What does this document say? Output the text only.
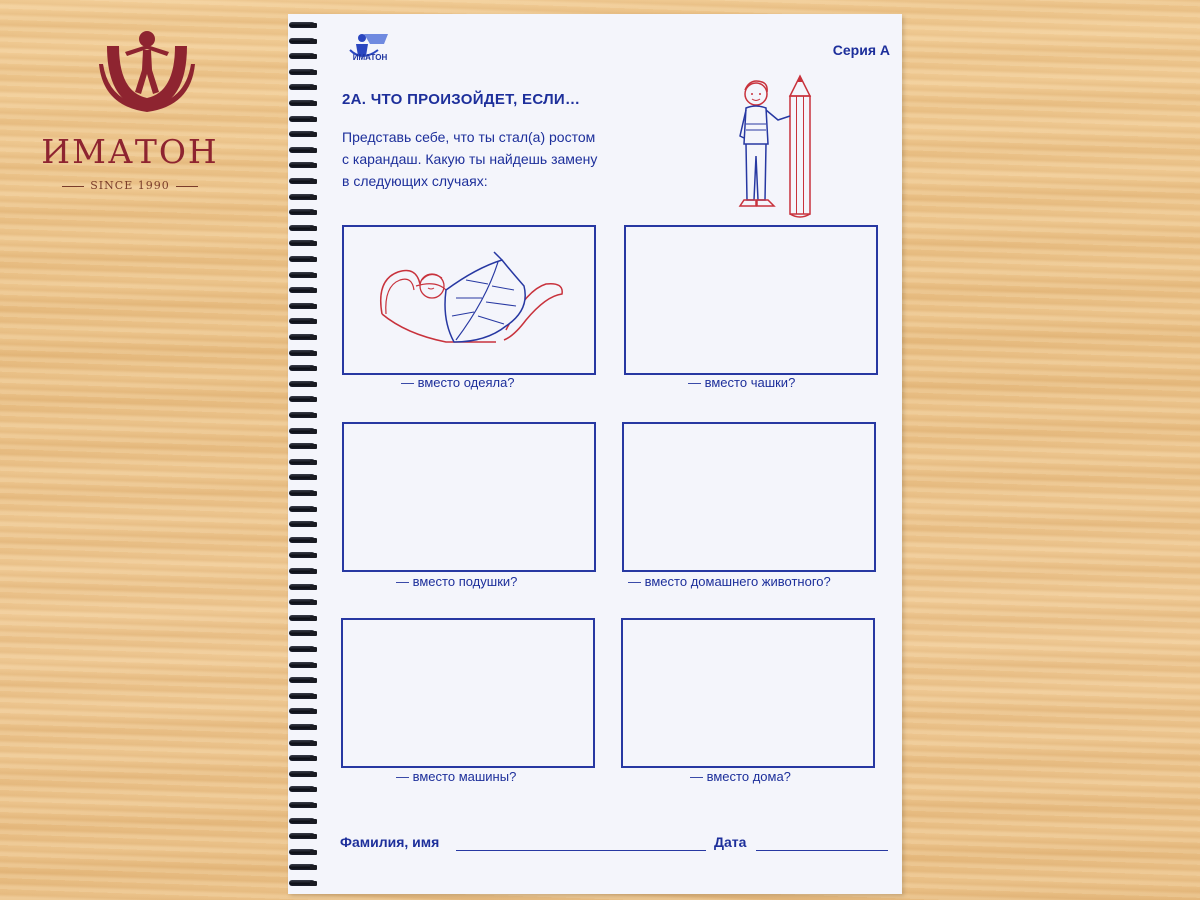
ИМАТОН
SINCE 1990
ИМАТОН	Серия А
2А. ЧТО ПРОИЗОЙДЕТ, ЕСЛИ…
Представь себе, что ты стал(а) ростом
с карандаш. Какую ты найдешь замену
в следующих случаях:
— вместо одеяла?	— вместо чашки?
— вместо подушки?	— вместо домашнего животного?
— вместо машины?	— вместо дома?
Фамилия, имя	Дата
